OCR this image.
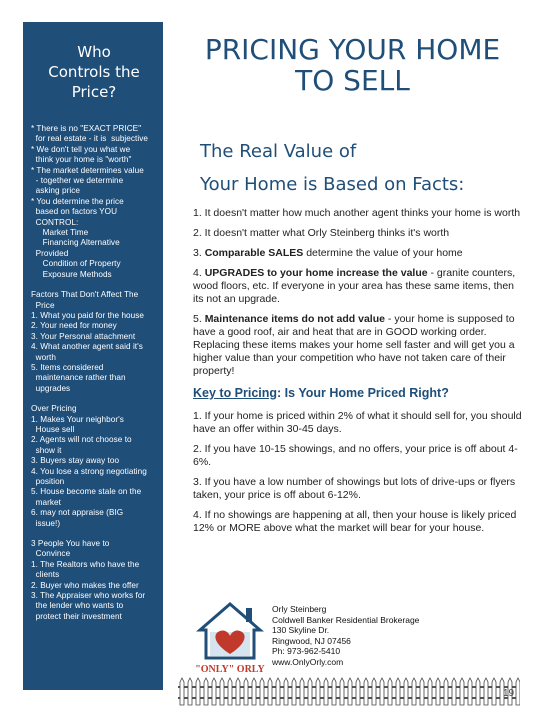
Who
Controls the
Price?
* There is no "EXACT PRICE"
for real estate - it is  subjective
* We don't tell you what we
think your home is "worth"
* The market determines value
- together we determine
asking price
* You determine the price
based on factors YOU
CONTROL:
Market Time
Financing Alternative
Provided
Condition of Property
Exposure Methods
Factors That Don't Affect The
Price
1. What you paid for the house
2. Your need for money
3. Your Personal attachment
4. What another agent said it's
worth
5. Items considered
maintenance rather than
upgrades
Over Pricing
1. Makes Your neighbor's
House sell
2. Agents will not choose to
show it
3. Buyers stay away too
4. You lose a strong negotiating
position
5. House become stale on the
market
6. may not appraise (BIG
issue!)
3 People You have to
Convince
1. The Realtors who have the
clients
2. Buyer who makes the offer
3. The Appraiser who works for
the lender who wants to
protect their investment
PRICING YOUR HOME
TO SELL
The Real Value of
Your Home is Based on Facts:

1. It doesn't matter how much another agent thinks your home is worth

2. It doesn't matter what Orly Steinberg thinks it's worth

3. Comparable SALES determine the value of your home

4. UPGRADES to your home increase the value - granite counters, wood floors, etc. If everyone in your area has these same items, then its not an upgrade.

5. Maintenance items do not add value - your home is supposed to have a good roof, air and heat that are in GOOD working order. Replacing these items makes your home sell faster and will get you a higher value than your competition who have not taken care of their property!

Key to Pricing: Is Your Home Priced Right?

1. If your home is priced within 2% of what it should sell for, you should have an offer within 30-45 days.

2. If you have 10-15 showings, and no offers, your price is off about 4-6%.

3. If you have a low number of showings but lots of drive-ups or flyers taken, your price is off about 6-12%.

4. If no showings are happening at all, then your house is likely priced 12% or MORE above what the market will bear for your house.

"ONLY" ORLY
Orly Steinberg
Coldwell Banker Residential Brokerage
130 Skyline Dr.
Ringwood, NJ 07456
Ph: 973-962-5410
www.OnlyOrly.com
19
